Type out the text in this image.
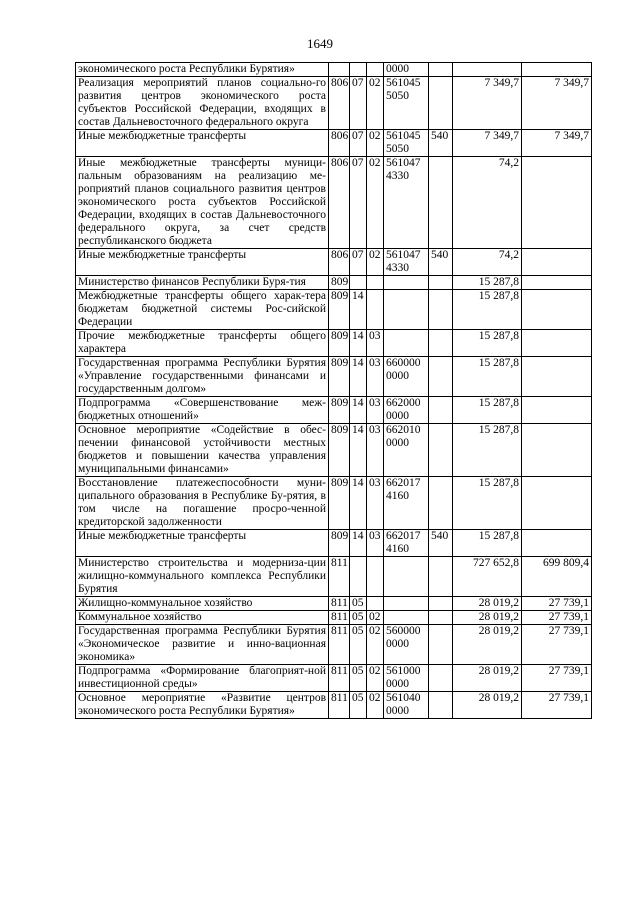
1649
экономического роста Республики Бурятия»				0000			
Реализация мероприятий планов социально-го развития центров экономического роста субъектов Российской Федерации, входящих в состав Дальневосточного федерального округа	806	07	02	561045 5050		7 349,7	7 349,7
Иные межбюджетные трансферты	806	07	02	561045 5050	540	7 349,7	7 349,7
Иные межбюджетные трансферты муници-пальным образованиям на реализацию ме-роприятий планов социального развития центров экономического роста субъектов Российской Федерации, входящих в состав Дальневосточного федерального округа, за счет средств республиканского бюджета	806	07	02	561047 4330		74,2	
Иные межбюджетные трансферты	806	07	02	561047 4330	540	74,2	
Министерство финансов Республики Буря-тия	809					15 287,8	
Межбюджетные трансферты общего харак-тера бюджетам бюджетной системы Рос-сийской Федерации	809	14				15 287,8	
Прочие межбюджетные трансферты общего характера	809	14	03			15 287,8	
Государственная программа Республики Бурятия «Управление государственными финансами и государственным долгом»	809	14	03	660000 0000		15 287,8	
Подпрограмма «Совершенствование меж-бюджетных отношений»	809	14	03	662000 0000		15 287,8	
Основное мероприятие «Содействие в обес-печении финансовой устойчивости местных бюджетов и повышении качества управления муниципальными финансами»	809	14	03	662010 0000		15 287,8	
Восстановление платежеспособности муни-ципального образования в Республике Бу-рятия, в том числе на погашение просро-ченной кредиторской задолженности	809	14	03	662017 4160		15 287,8	
Иные межбюджетные трансферты	809	14	03	662017 4160	540	15 287,8	
Министерство строительства и модерниза-ции жилищно-коммунального комплекса Республики Бурятия	811					727 652,8	699 809,4
Жилищно-коммунальное хозяйство	811	05				28 019,2	27 739,1
Коммунальное хозяйство	811	05	02			28 019,2	27 739,1
Государственная программа Республики Бурятия «Экономическое развитие и инно-вационная экономика»	811	05	02	560000 0000		28 019,2	27 739,1
Подпрограмма «Формирование благоприят-ной инвестиционной среды»	811	05	02	561000 0000		28 019,2	27 739,1
Основное мероприятие «Развитие центров экономического роста Республики Бурятия»	811	05	02	561040 0000		28 019,2	27 739,1
